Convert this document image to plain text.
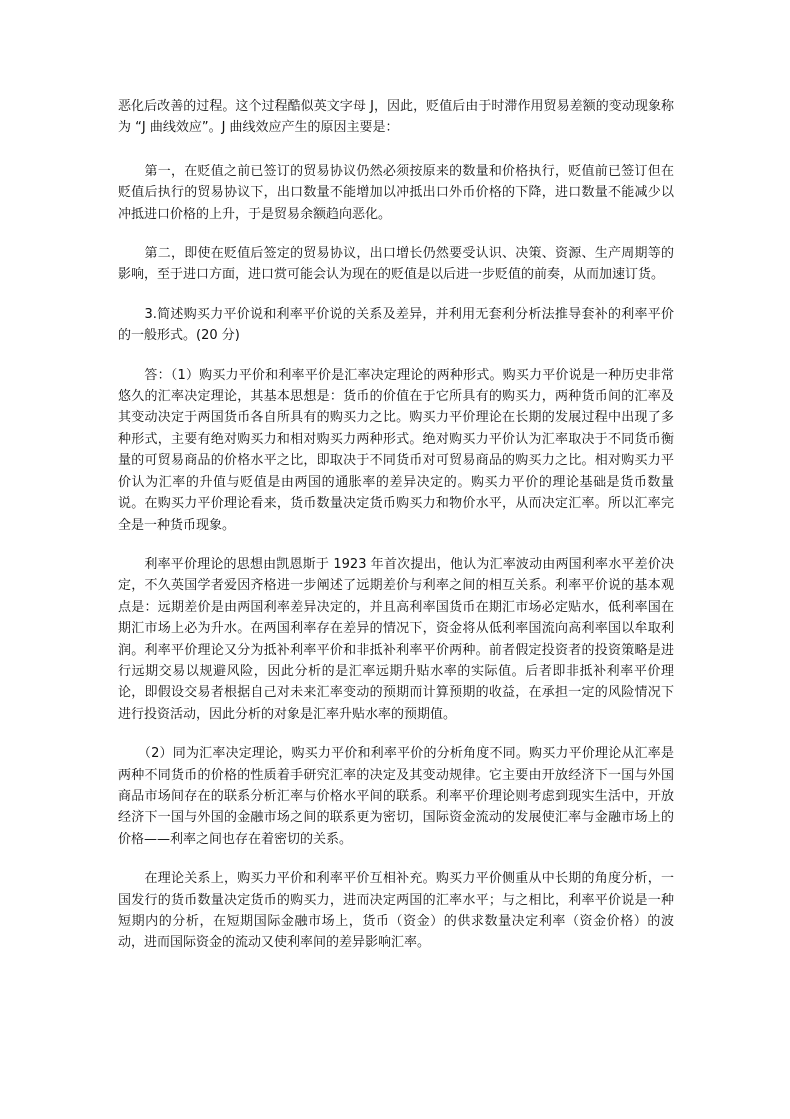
恶化后改善的过程。这个过程酷似英文字母 J，因此，贬值后由于时滞作用贸易差额的变动现象称为 “J 曲线效应”。J 曲线效应产生的原因主要是：

　　第一，在贬值之前已签订的贸易协议仍然必须按原来的数量和价格执行，贬值前已签订但在贬值后执行的贸易协议下，出口数量不能增加以冲抵出口外币价格的下降，进口数量不能减少以冲抵进口价格的上升，于是贸易余额趋向恶化。

　　第二，即使在贬值后签定的贸易协议，出口增长仍然要受认识、决策、资源、生产周期等的影响，至于进口方面，进口赏可能会认为现在的贬值是以后进一步贬值的前奏，从而加速订货。

　　3.简述购买力平价说和利率平价说的关系及差异，并利用无套利分析法推导套补的利率平价的一般形式。(20 分)

　　答：（1）购买力平价和利率平价是汇率决定理论的两种形式。购买力平价说是一种历史非常悠久的汇率决定理论，其基本思想是：货币的价值在于它所具有的购买力，两种货币间的汇率及其变动决定于两国货币各自所具有的购买力之比。购买力平价理论在长期的发展过程中出现了多种形式，主要有绝对购买力和相对购买力两种形式。绝对购买力平价认为汇率取决于不同货币衡量的可贸易商品的价格水平之比，即取决于不同货币对可贸易商品的购买力之比。相对购买力平价认为汇率的升值与贬值是由两国的通胀率的差异决定的。购买力平价的理论基础是货币数量说。在购买力平价理论看来，货币数量决定货币购买力和物价水平，从而决定汇率。所以汇率完全是一种货币现象。

　　利率平价理论的思想由凯恩斯于 1923 年首次提出，他认为汇率波动由两国利率水平差价决定，不久英国学者爱因齐格进一步阐述了远期差价与利率之间的相互关系。利率平价说的基本观点是：远期差价是由两国利率差异决定的，并且高利率国货币在期汇市场必定贴水，低利率国在期汇市场上必为升水。在两国利率存在差异的情况下，资金将从低利率国流向高利率国以牟取利润。利率平价理论又分为抵补利率平价和非抵补利率平价两种。前者假定投资者的投资策略是进行远期交易以规避风险，因此分析的是汇率远期升贴水率的实际值。后者即非抵补利率平价理论，即假设交易者根据自己对未来汇率变动的预期而计算预期的收益，在承担一定的风险情况下进行投资活动，因此分析的对象是汇率升贴水率的预期值。

　　（2）同为汇率决定理论，购买力平价和利率平价的分析角度不同。购买力平价理论从汇率是两种不同货币的价格的性质着手研究汇率的决定及其变动规律。它主要由开放经济下一国与外国商品市场间存在的联系分析汇率与价格水平间的联系。利率平价理论则考虑到现实生活中，开放经济下一国与外国的金融市场之间的联系更为密切，国际资金流动的发展使汇率与金融市场上的价格——利率之间也存在着密切的关系。

　　在理论关系上，购买力平价和利率平价互相补充。购买力平价侧重从中长期的角度分析，一国发行的货币数量决定货币的购买力，进而决定两国的汇率水平；与之相比，利率平价说是一种短期内的分析，在短期国际金融市场上，货币（资金）的供求数量决定利率（资金价格）的波动，进而国际资金的流动又使利率间的差异影响汇率。
